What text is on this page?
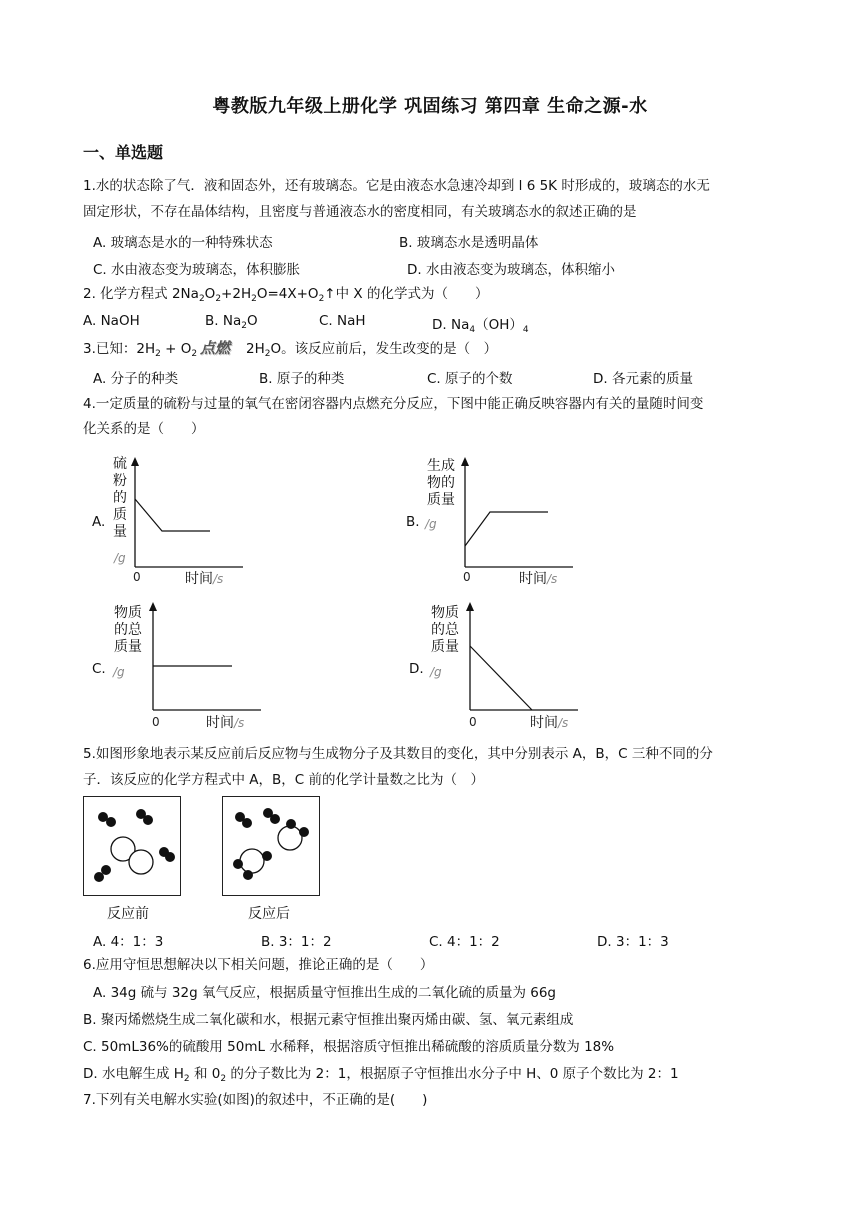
粤教版九年级上册化学 巩固练习 第四章 生命之源-水
一、单选题
1.水的状态除了气．液和固态外，还有玻璃态。它是由液态水急速冷却到 l 6 5K 时形成的，玻璃态的水无
固定形状，不存在晶体结构，且密度与普通液态水的密度相同，有关玻璃态水的叙述正确的是
A. 玻璃态是水的一种特殊状态	B. 玻璃态水是透明晶体
C. 水由液态变为玻璃态，体积膨胀	D. 水由液态变为玻璃态，体积缩小
2. 化学方程式 $2Na_2O_2+2H_2O=4X+O_2↑$中 X 的化学式为（　　）
A. NaOH	B. $Na_2O$	C. NaH	D. $Na_4(OH)_4$
3.已知：$2H_2 + O_2$ 点燃	$2H_2O$。该反应前后，发生改变的是（　）
A. 分子的种类	B. 原子的种类	C. 原子的个数	D. 各元素的质量
4.一定质量的硫粉与过量的氧气在密闭容器内点燃充分反应，下图中能正确反映容器内有关的量随时间变
化关系的是（　　）
A.
硫
粉
的
质
量
/g
0	时间/s
B.
生成
物的
质量
/g
0	时间/s
C.
物质
的总
质量
/g
0	时间/s
D.
物质
的总
质量
/g
0	时间/s
5.如图形象地表示某反应前后反应物与生成物分子及其数目的变化，其中分别表示 A，B，C 三种不同的分
子．该反应的化学方程式中 A，B，C 前的化学计量数之比为（　）
反应前	反应后
A. 4：1：3	B. 3：1：2	C. 4：1：2	D. 3：1：3
6.应用守恒思想解决以下相关问题，推论正确的是（　　）
A. 34g 硫与 32g 氧气反应，根据质量守恒推出生成的二氧化硫的质量为 66g
B. 聚丙烯燃烧生成二氧化碳和水，根据元素守恒推出聚丙烯由碳、氢、氧元素组成
C. 50mL36%的硫酸用 50mL 水稀释，根据溶质守恒推出稀硫酸的溶质质量分数为 18%
D. 水电解生成 $H_2$ 和 $0_2$ 的分子数比为 2：1，根据原子守恒推出水分子中 H、0 原子个数比为 2：1
7.下列有关电解水实验(如图)的叙述中，不正确的是(　　)
